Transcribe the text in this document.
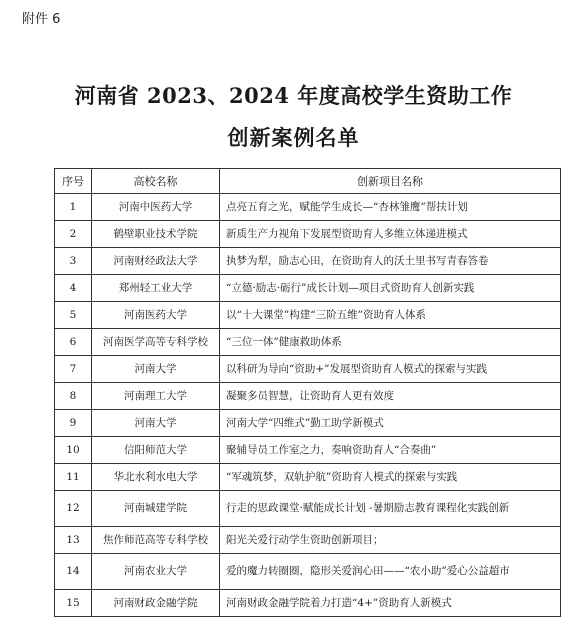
附件 6
河南省 2023、2024 年度高校学生资助工作
创新案例名单
序号	高校名称	创新项目名称
1	河南中医药大学	点亮五育之光，赋能学生成长—“杏林雏鹰”帮扶计划
2	鹤壁职业技术学院	新质生产力视角下发展型资助育人多维立体递进模式
3	河南财经政法大学	执梦为犁，励志心田，在资助育人的沃土里书写青春答卷
4	郑州轻工业大学	“立德·励志·砺行”成长计划—项目式资助育人创新实践
5	河南医药大学	以“十大课堂”构建“三阶五维”资助育人体系
6	河南医学高等专科学校	“三位一体”健康救助体系
7	河南大学	以科研为导向“资助+”发展型资助育人模式的探索与实践
8	河南理工大学	凝聚多员智慧，让资助育人更有效度
9	河南大学	河南大学“四维式”勤工助学新模式
10	信阳师范大学	聚辅导员工作室之力，奏响资助育人“合奏曲”
11	华北水利水电大学	“军魂筑梦，双轨护航”资助育人模式的探索与实践
12	河南城建学院	行走的思政课堂·赋能成长计划 -暑期励志教育课程化实践创新
13	焦作师范高等专科学校	阳光关爱行动学生资助创新项目；
14	河南农业大学	爱的魔力转圈圈，隐形关爱润心田——“农小助”爱心公益超市
15	河南财政金融学院	河南财政金融学院着力打造“4+”资助育人新模式
